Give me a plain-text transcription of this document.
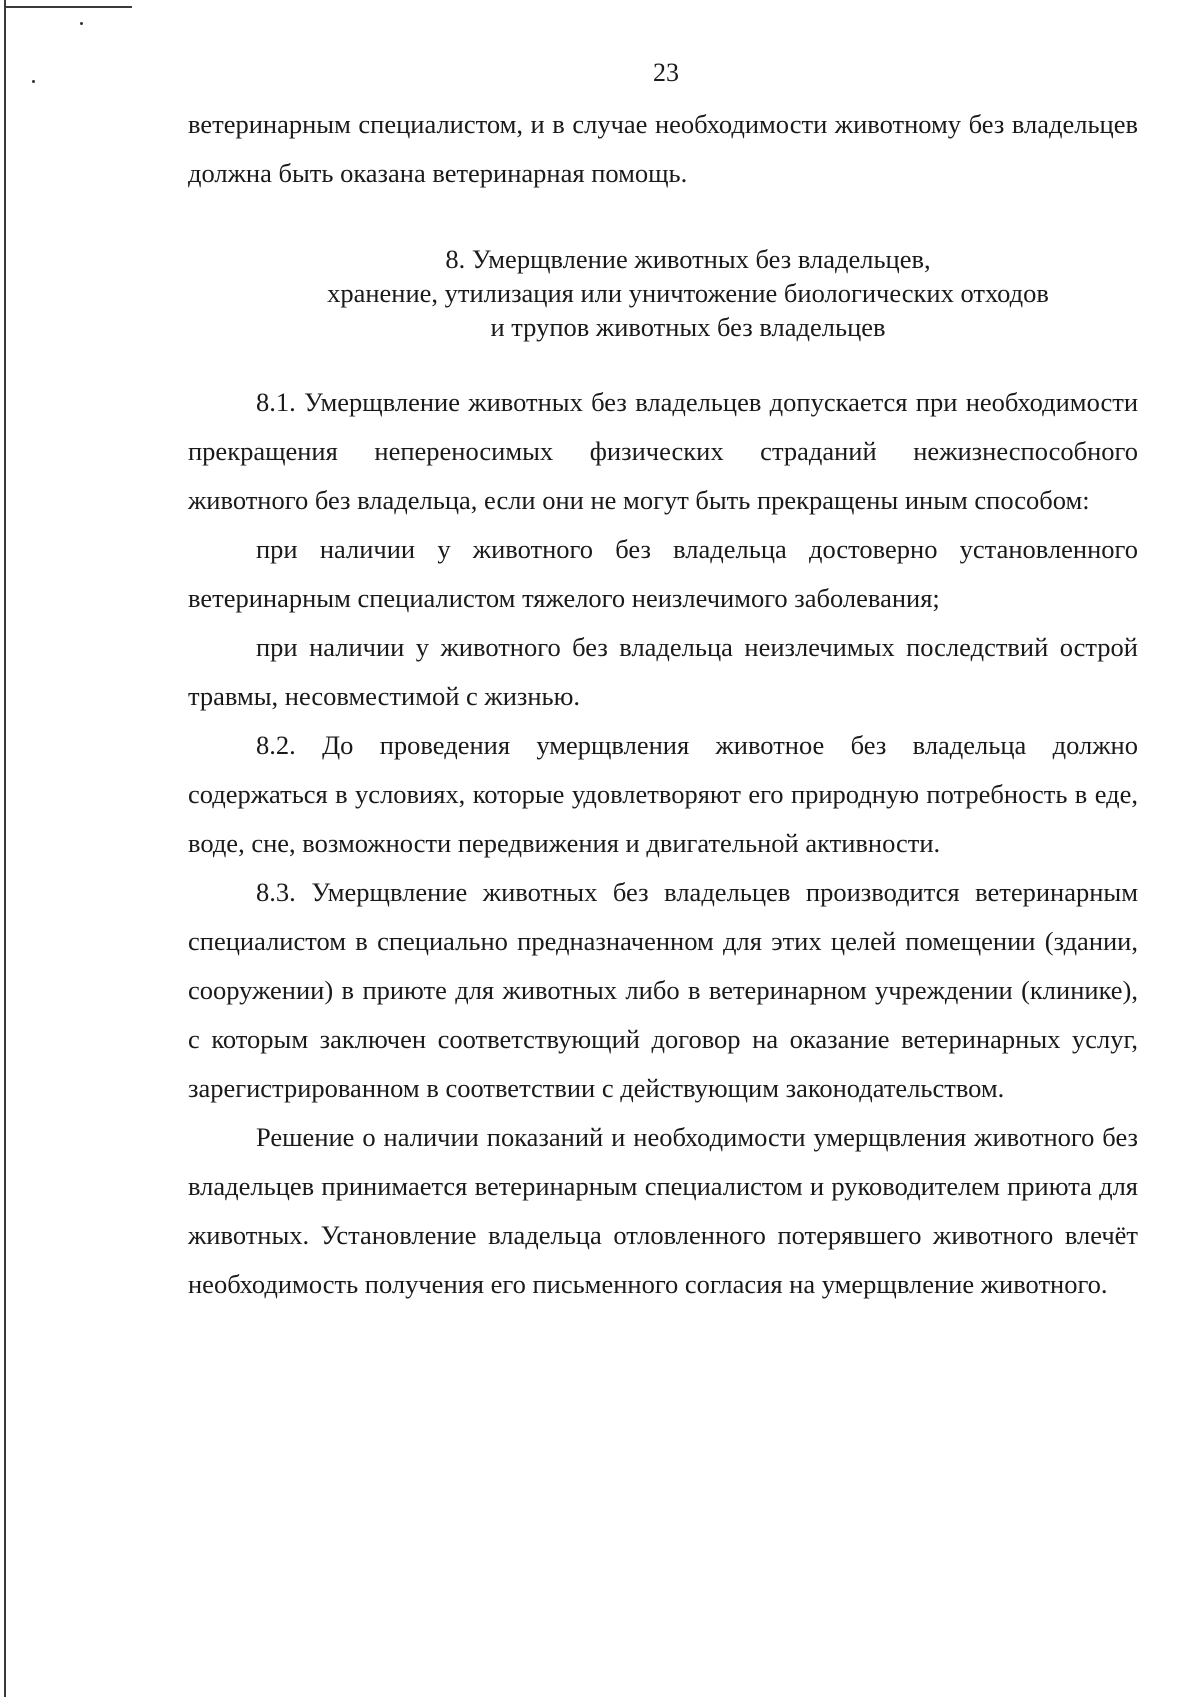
23

ветеринарным специалистом, и в случае необходимости животному без владельцев должна быть оказана ветеринарная помощь.

8. Умерщвление животных без владельцев,
хранение, утилизация или уничтожение биологических отходов
и трупов животных без владельцев

8.1. Умерщвление животных без владельцев допускается при необходимости прекращения непереносимых физических страданий нежизнеспособного животного без владельца, если они не могут быть прекращены иным способом:

при наличии у животного без владельца достоверно установленного ветеринарным специалистом тяжелого неизлечимого заболевания;

при наличии у животного без владельца неизлечимых последствий острой травмы, несовместимой с жизнью.

8.2. До проведения умерщвления животное без владельца должно содержаться в условиях, которые удовлетворяют его природную потребность в еде, воде, сне, возможности передвижения и двигательной активности.

8.3. Умерщвление животных без владельцев производится ветеринарным специалистом в специально предназначенном для этих целей помещении (здании, сооружении) в приюте для животных либо в ветеринарном учреждении (клинике), с которым заключен соответствующий договор на оказание ветеринарных услуг, зарегистрированном в соответствии с действующим законодательством.

Решение о наличии показаний и необходимости умерщвления животного без владельцев принимается ветеринарным специалистом и руководителем приюта для животных. Установление владельца отловленного потерявшего животного влечёт необходимость получения его письменного согласия на умерщвление животного.
